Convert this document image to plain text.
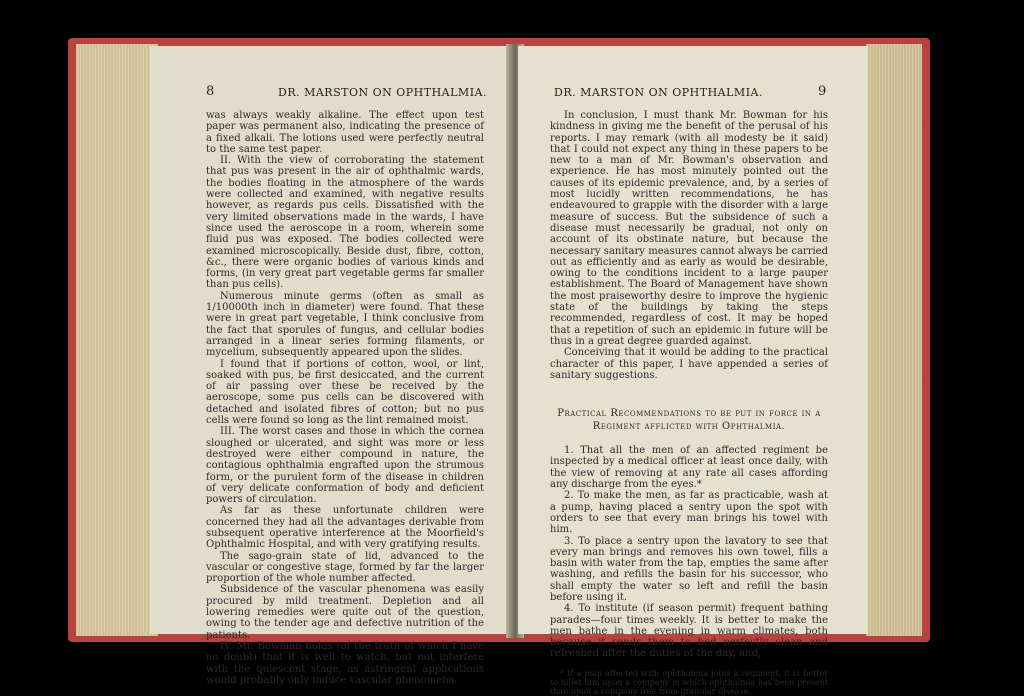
8	DR. MARSTON ON OPHTHALMIA.

was always weakly alkaline. The effect upon test paper was permanent also, indicating the presence of a fixed alkali. The lotions used were perfectly neutral to the same test paper.

II. With the view of corroborating the statement that pus was present in the air of ophthalmic wards, the bodies floating in the atmosphere of the wards were collected and examined, with negative results however, as regards pus cells. Dissatisfied with the very limited observations made in the wards, I have since used the aeroscope in a room, wherein some fluid pus was exposed. The bodies collected were examined microscopically. Beside dust, fibre, cotton, &c., there were organic bodies of various kinds and forms, (in very great part vegetable germs far smaller than pus cells).

Numerous minute germs (often as small as 1/10000th inch in diameter) were found. That these were in great part vegetable, I think conclusive from the fact that sporules of fungus, and cellular bodies arranged in a linear series forming filaments, or mycelium, subsequently appeared upon the slides.

I found that if portions of cotton, wool, or lint, soaked with pus, be first desiccated, and the current of air passing over these be received by the aeroscope, some pus cells can be discovered with detached and isolated fibres of cotton; but no pus cells were found so long as the lint remained moist.

III. The worst cases and those in which the cornea sloughed or ulcerated, and sight was more or less destroyed were either compound in nature, the contagious ophthalmia engrafted upon the strumous form, or the purulent form of the disease in children of very delicate conformation of body and deficient powers of circulation.

As far as these unfortunate children were concerned they had all the advantages derivable from subsequent operative interference at the Moorfield's Ophthalmic Hospital, and with very gratifying results.

The sago-grain state of lid, advanced to the vascular or congestive stage, formed by far the larger proportion of the whole number affected.

Subsidence of the vascular phenomena was easily procured by mild treatment. Depletion and all lowering remedies were quite out of the question, owing to the tender age and defective nutrition of the patients.

IV. Mr. Bowman holds (of the truth of which I have no doubt) that it is well to watch, but not interfere with the quiescent stage, as astringent applications would probably only induce vascular phenomena.

DR. MARSTON ON OPHTHALMIA.	9

In conclusion, I must thank Mr. Bowman for his kindness in giving me the benefit of the perusal of his reports. I may remark (with all modesty be it said) that I could not expect any thing in these papers to be new to a man of Mr. Bowman's observation and experience. He has most minutely pointed out the causes of its epidemic prevalence, and, by a series of most lucidly written recommendations, he has endeavoured to grapple with the disorder with a large measure of success. But the subsidence of such a disease must necessarily be gradual, not only on account of its obstinate nature, but because the necessary sanitary measures cannot always be carried out as efficiently and as early as would be desirable, owing to the conditions incident to a large pauper establishment. The Board of Management have shown the most praiseworthy desire to improve the hygienic state of the buildings by taking the steps recommended, regardless of cost. It may be hoped that a repetition of such an epidemic in future will be thus in a great degree guarded against.

Conceiving that it would be adding to the practical character of this paper, I have appended a series of sanitary suggestions.

Practical Recommendations to be put in force in a
Regiment afflicted with Ophthalmia.

1. That all the men of an affected regiment be inspected by a medical officer at least once daily, with the view of removing at any rate all cases affording any discharge from the eyes.*

2. To make the men, as far as practicable, wash at a pump, having placed a sentry upon the spot with orders to see that every man brings his towel with him.

3. To place a sentry upon the lavatory to see that every man brings and removes his own towel, fills a basin with water from the tap, empties the same after washing, and refills the basin for his successor, who shall empty the water so left and refill the basin before using it.

4. To institute (if season permit) frequent bathing parades—four times weekly. It is better to make the men bathe in the evening in warm climates, both because it sends them to bed perfectly clean and refreshed after the duties of the day, and,

* If a man affected with ophthalmia joins a regiment, it is better to billet him upon a company in which ophthalmia has been present than upon a company free from granular disease.
